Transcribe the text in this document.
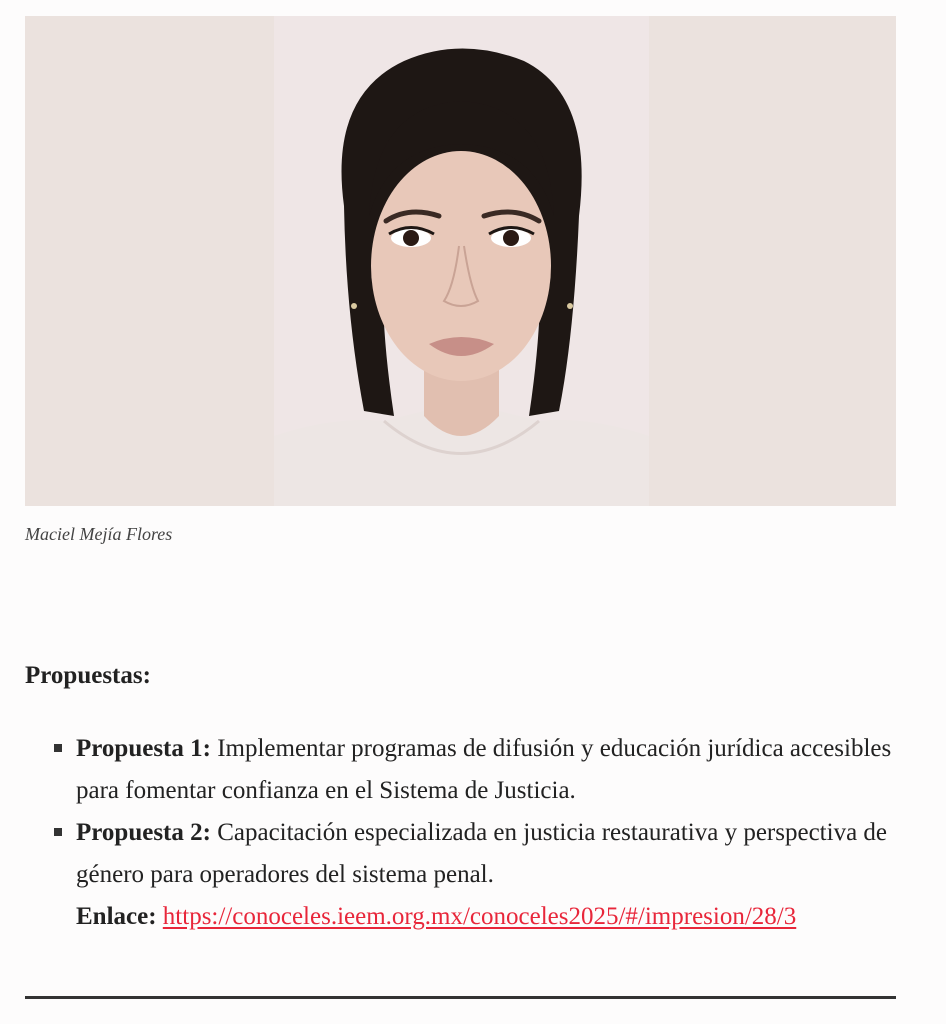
Maciel Mejía Flores
Propuestas:
Propuesta 1: Implementar programas de difusión y educación jurídica accesibles para fomentar confianza en el Sistema de Justicia.
Propuesta 2: Capacitación especializada en justicia restaurativa y perspectiva de género para operadores del sistema penal.
Enlace: https://conoceles.ieem.org.mx/conoceles2025/#/impresion/28/3
